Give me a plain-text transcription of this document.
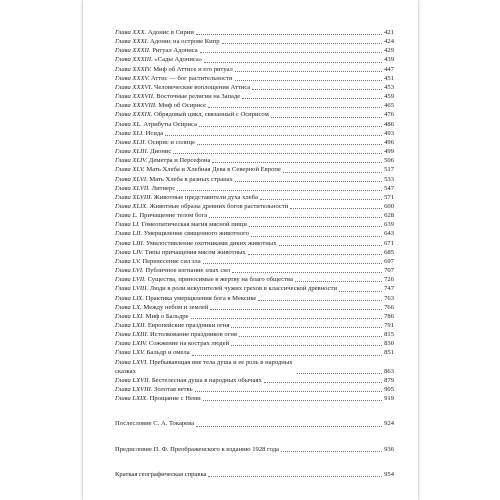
Глава XXX. Адонис в Сирии	421
Глава XXXI. Адонис на острове Кипр	424
Глава XXXII. Ритуал Адониса	429
Глава XXXIII. «Сады Адониса»	439
Глава XXXIV. Миф об Аттисе и его ритуал	447
Глава XXXV. Аттис — бог растительности	451
Глава XXXVI. Человеческие воплощения Аттиса	453
Глава XXXVII. Восточные религии на Западе	459
Глава XXXVIII. Миф об Осирисе	465
Глава XXXIX. Обрядовый цикл, связанный с Осирисом	476
Глава XL. Атрибуты Осириса	486
Глава XLI. Исида	493
Глава XLII. Осирис и солнце	496
Глава XLIII. Дионис	499
Глава XLIV. Деметра и Персефона	506
Глава XLV. Мать Хлеба и Хлебная Дева в Северной Европе	517
Глава XLVI. Мать Хлеба в разных странах	533
Глава XLVII. Литиерс	547
Глава XLVIII. Животные представители духа хлеба	571
Глава XLIX. Животные образы древних богов растительности	600
Глава L. Причащение телом бога	628
Глава LI. Гомеопатическая магия мясной пищи	639
Глава LII. Умерщвление священного животного	643
Глава LIII. Умилостивление охотниками диких животных	671
Глава LIV. Типы причащения мясом животных	685
Глава LV. Перенесение сил зла	697
Глава LVI. Публичное изгнание злых сил	707
Глава LVII. Существа, приносимые в жертву на благо общества	726
Глава LVIII. Люди в роли искупителей чужих грехов в классической древности	747
Глава LIX. Практика умерщвления бога в Мексике	763
Глава LX. Между небом и землей	766
Глава LXI. Миф о Бальдре	786
Глава LXII. Европейские праздники огня	791
Глава LXIII. Истолкование праздников огня	815
Глава LXIV. Сожжение на кострах людей	830
Глава LXV. Бальдр и омела	851
Глава LXVI. Пребывающая вне тела душа и ее роль в народных сказках	863
Глава LXVII. Бестелесная душа в народных обычаях	879
Глава LXVIII. Золотая ветвь	905
Глава LXIX. Прощание с Неми	919
Послесловие С. А. Токарева	924
Предисловие П. Ф. Преображенского к изданию 1928 года	936
Краткая географическая справка	954
